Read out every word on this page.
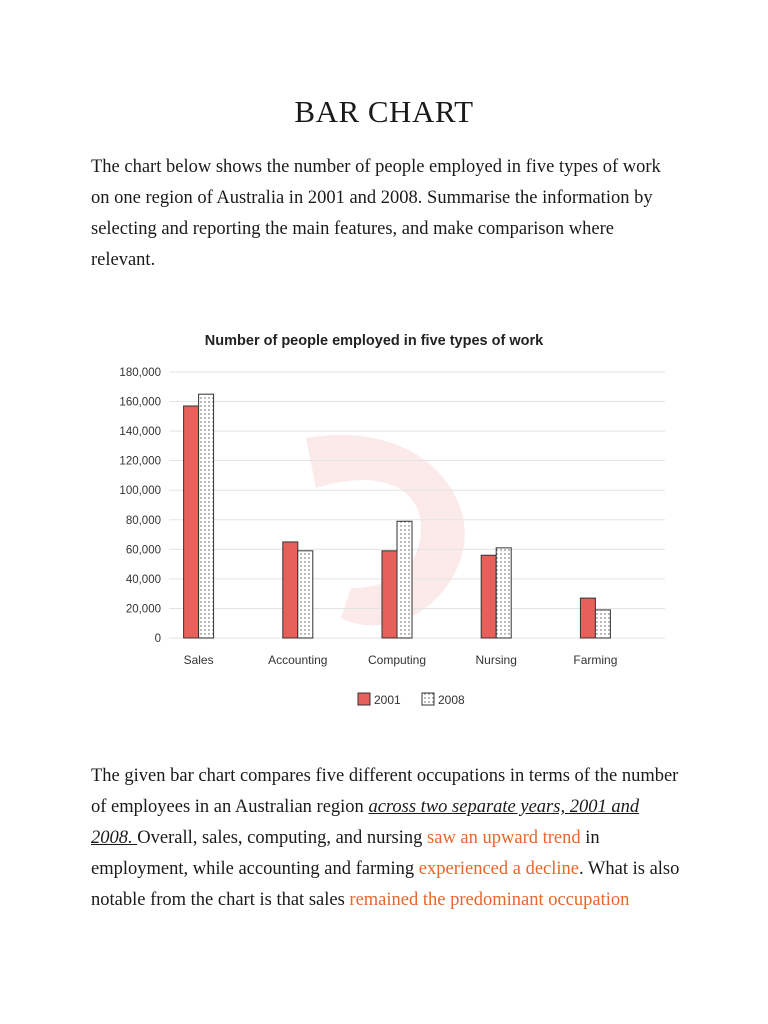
BAR CHART

The chart below shows the number of people employed in five types of work on one region of Australia in 2001 and 2008. Summarise the information by selecting and reporting the main features, and make comparison where relevant.

Number of people employed in five types of work
0
20,000
40,000
60,000
80,000
100,000
120,000
140,000
160,000
180,000
Sales	Accounting	Computing	Nursing	Farming
2001	2008

The given bar chart compares five different occupations in terms of the number of employees in an Australian region across two separate years, 2001 and 2008. Overall, sales, computing, and nursing saw an upward trend in employment, while accounting and farming experienced a decline. What is also notable from the chart is that sales remained the predominant occupation
